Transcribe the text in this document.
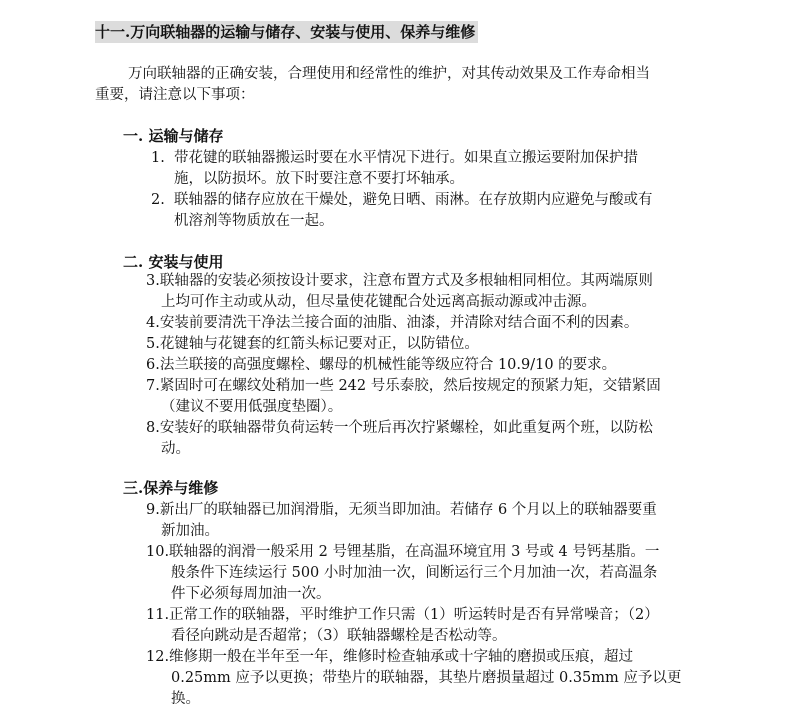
十一.万向联轴器的运输与储存、安装与使用、保养与维修
万向联轴器的正确安装，合理使用和经常性的维护，对其传动效果及工作寿命相当
重要，请注意以下事项：
一. 运输与储存
1. 带花键的联轴器搬运时要在水平情况下进行。如果直立搬运要附加保护措
施，以防损坏。放下时要注意不要打坏轴承。
2. 联轴器的储存应放在干燥处，避免日晒、雨淋。在存放期内应避免与酸或有
机溶剂等物质放在一起。
二. 安装与使用
3.联轴器的安装必须按设计要求，注意布置方式及多根轴相同相位。其两端原则
上均可作主动或从动，但尽量使花键配合处远离高振动源或冲击源。
4.安装前要清洗干净法兰接合面的油脂、油漆，并清除对结合面不利的因素。
5.花键轴与花键套的红箭头标记要对正，以防错位。
6.法兰联接的高强度螺栓、螺母的机械性能等级应符合 10.9/10 的要求。
7.紧固时可在螺纹处稍加一些 242 号乐泰胶，然后按规定的预紧力矩，交错紧固
（建议不要用低强度垫圈）。
8.安装好的联轴器带负荷运转一个班后再次拧紧螺栓，如此重复两个班，以防松
动。
三.保养与维修
9.新出厂的联轴器已加润滑脂，无须当即加油。若储存 6 个月以上的联轴器要重
新加油。
10.联轴器的润滑一般采用 2 号锂基脂，在高温环境宜用 3 号或 4 号钙基脂。一
般条件下连续运行 500 小时加油一次，间断运行三个月加油一次，若高温条
件下必须每周加油一次。
11.正常工作的联轴器，平时维护工作只需（1）听运转时是否有异常噪音；（2）
看径向跳动是否超常；（3）联轴器螺栓是否松动等。
12.维修期一般在半年至一年，维修时检查轴承或十字轴的磨损或压痕，超过
0.25mm 应予以更换；带垫片的联轴器，其垫片磨损量超过 0.35mm 应予以更
换。
